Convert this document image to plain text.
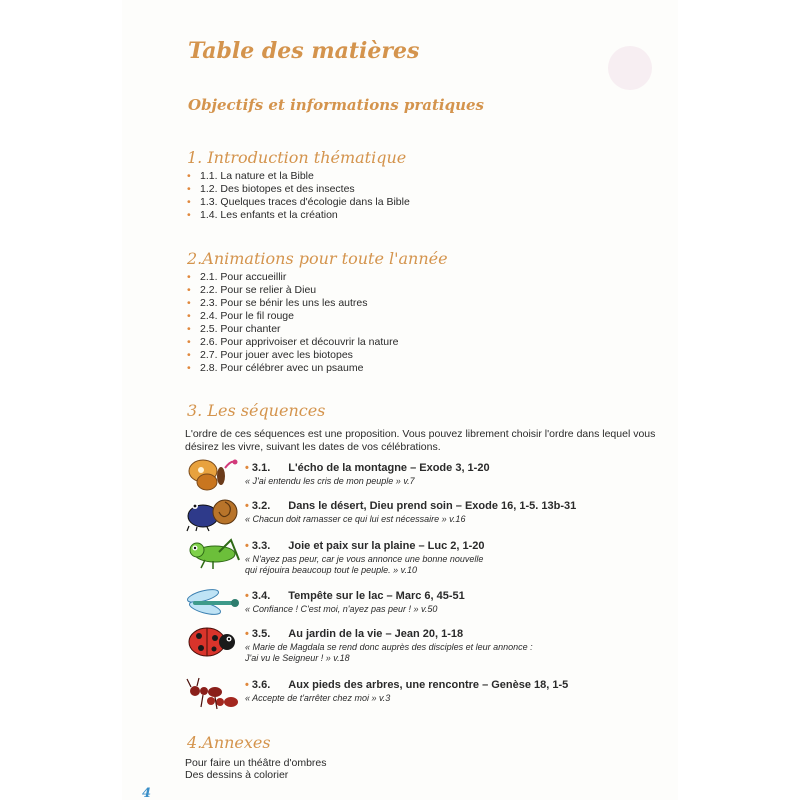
Table des matières
Objectifs et informations pratiques
1. Introduction thématique
• 1.1. La nature et la Bible
• 1.2. Des biotopes et des insectes
• 1.3. Quelques traces d'écologie dans la Bible
• 1.4. Les enfants et la création
2.Animations pour toute l'année
• 2.1. Pour accueillir
• 2.2. Pour se relier à Dieu
• 2.3. Pour se bénir les uns les autres
• 2.4. Pour le fil rouge
• 2.5. Pour chanter
• 2.6. Pour apprivoiser et découvrir la nature
• 2.7. Pour jouer avec les biotopes
• 2.8. Pour célébrer avec un psaume
3. Les séquences
L'ordre de ces séquences est une proposition. Vous pouvez librement choisir l'ordre dans lequel vous désirez les vivre, suivant les dates de vos célébrations.
• 3.1. L'écho de la montagne – Exode 3, 1-20
« J'ai entendu les cris de mon peuple » v.7
• 3.2. Dans le désert, Dieu prend soin – Exode 16, 1-5. 13b-31
« Chacun doit ramasser ce qui lui est nécessaire » v.16
• 3.3. Joie et paix sur la plaine – Luc 2, 1-20
« N'ayez pas peur, car je vous annonce une bonne nouvelle
qui réjouira beaucoup tout le peuple. » v.10
• 3.4. Tempête sur le lac – Marc 6, 45-51
« Confiance ! C'est moi, n'ayez pas peur ! » v.50
• 3.5. Au jardin de la vie – Jean 20, 1-18
« Marie de Magdala se rend donc auprès des disciples et leur annonce :
J'ai vu le Seigneur ! » v.18
• 3.6. Aux pieds des arbres, une rencontre – Genèse 18, 1-5
« Accepte de t'arrêter chez moi » v.3
4.Annexes
Pour faire un théâtre d'ombres
Des dessins à colorier
4
